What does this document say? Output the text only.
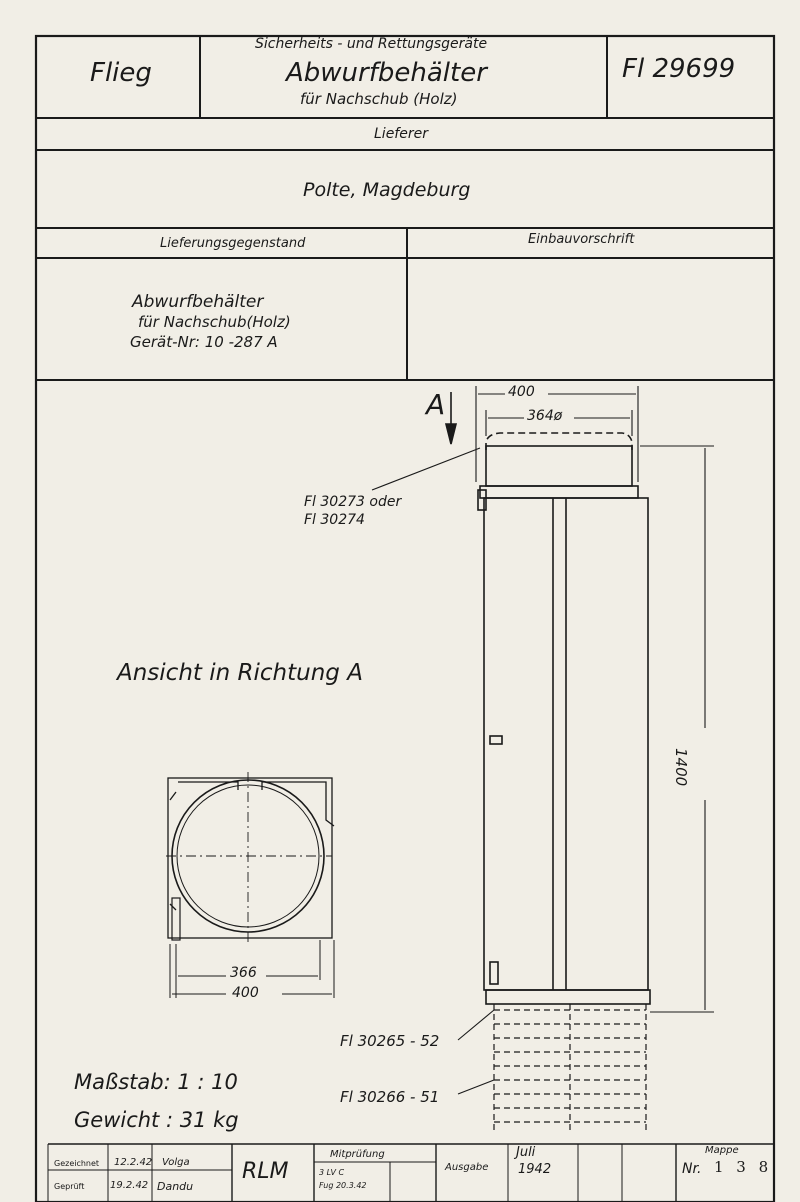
Flieg
Sicherheits - und Rettungsgeräte
Abwurfbehälter
für Nachschub (Holz)
Fl 29699
Lieferer
Polte, Magdeburg
Lieferungsgegenstand	Einbauvorschrift
Abwurfbehälter
für Nachschub(Holz)
Gerät-Nr: 10 -287 A
A	400
364ø
Fl 30273 oder
Fl 30274
Ansicht in Richtung A
1400
366
400
Fl 30265 - 52
Fl 30266 - 51
Maßstab: 1 : 10
Gewicht : 31 kg
Gezeichnet 12.2.42 Volga
Geprüft	19.2.42 Dandu
RLM
Mitprüfung
3 LV C
Fug 20.3.42
Ausgabe
Juli
1942
Mappe
Nr. 1 3 8
